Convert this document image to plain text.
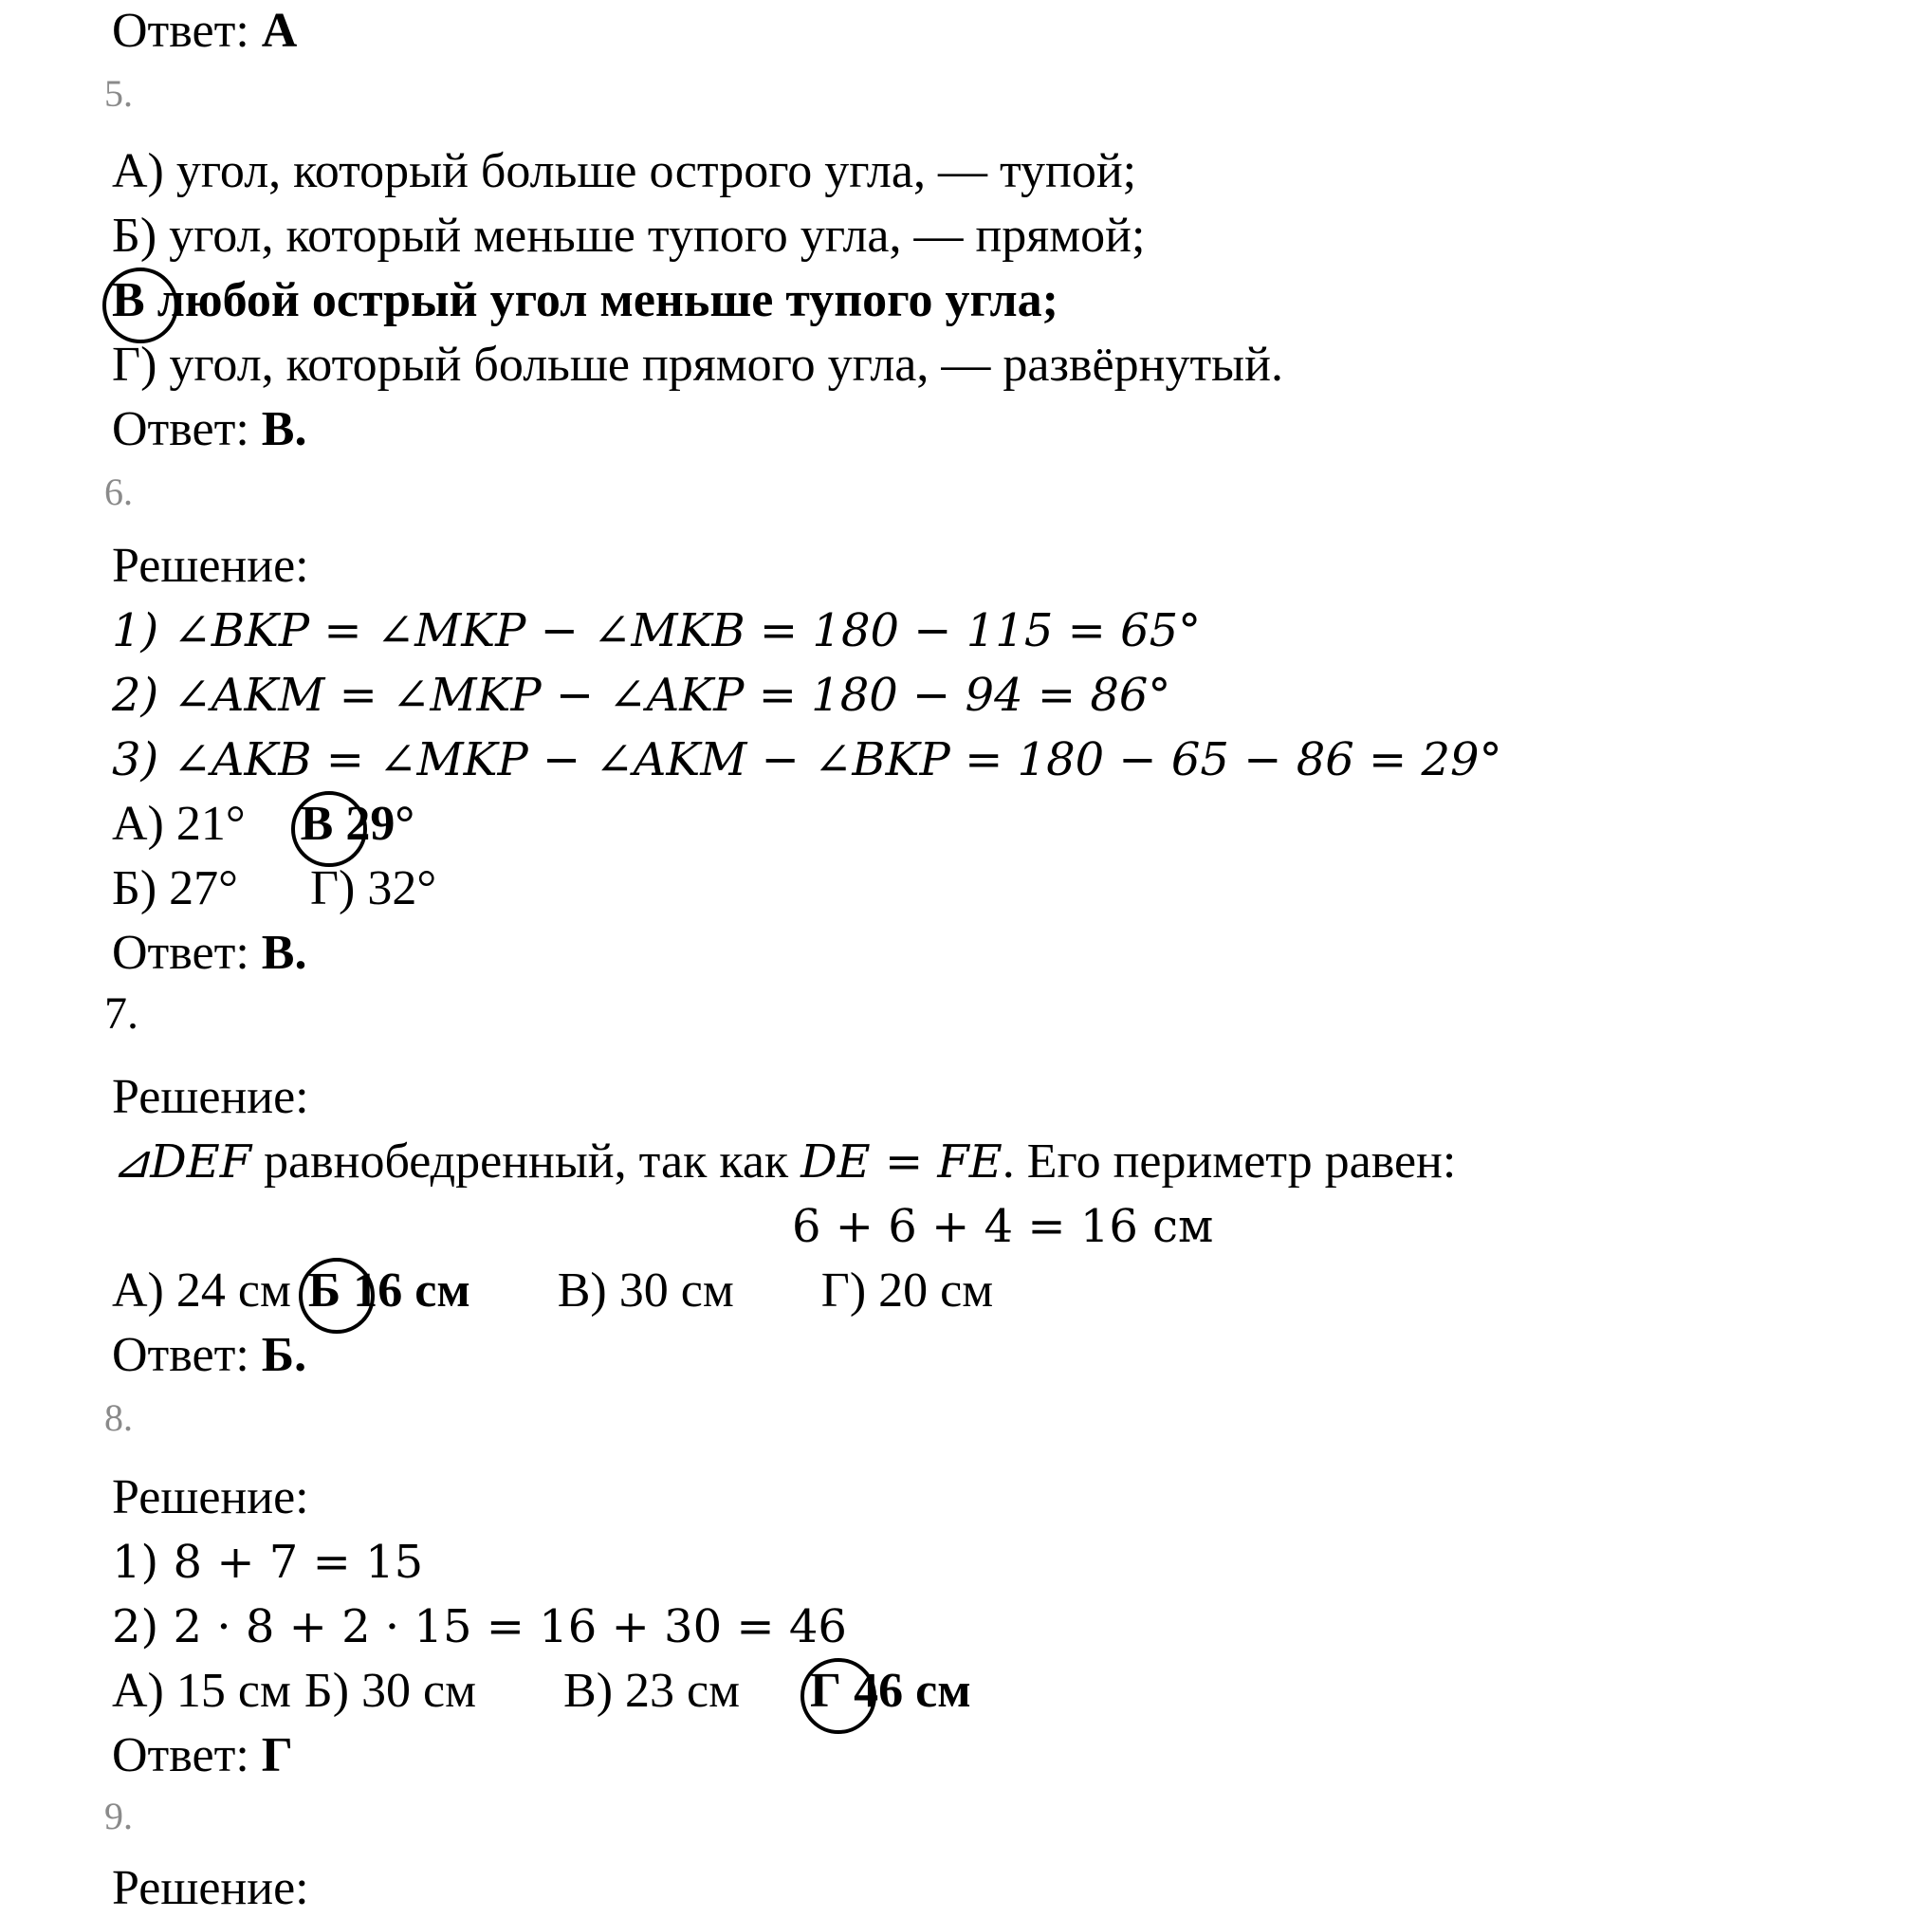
Ответ: А
5.
А) угол, который больше острого угла, — тупой;
Б) угол, который меньше тупого угла, — прямой;
В любой острый угол меньше тупого угла;
Г) угол, который больше прямого угла, — развёрнутый.
Ответ: В.
6.
Решение:
1) ∠BKP = ∠MKP − ∠MKB = 180 − 115 = 65°
2) ∠AKM = ∠MKP − ∠AKP = 180 − 94 = 86°
3) ∠AKB = ∠MKP − ∠AKM − ∠BKP = 180 − 65 − 86 = 29°
А) 21° В 29°
Б) 27° Г) 32°
Ответ: В.
7.
Решение:
⊿DEF равнобедренный, так как DE = FE. Его периметр равен:
6 + 6 + 4 = 16 см
А) 24 см Б 16 см В) 30 см Г) 20 см
Ответ: Б.
8.
Решение:
1) 8 + 7 = 15
2) 2 · 8 + 2 · 15 = 16 + 30 = 46
А) 15 см Б) 30 см В) 23 см Г 46 см
Ответ: Г
9.
Решение:
